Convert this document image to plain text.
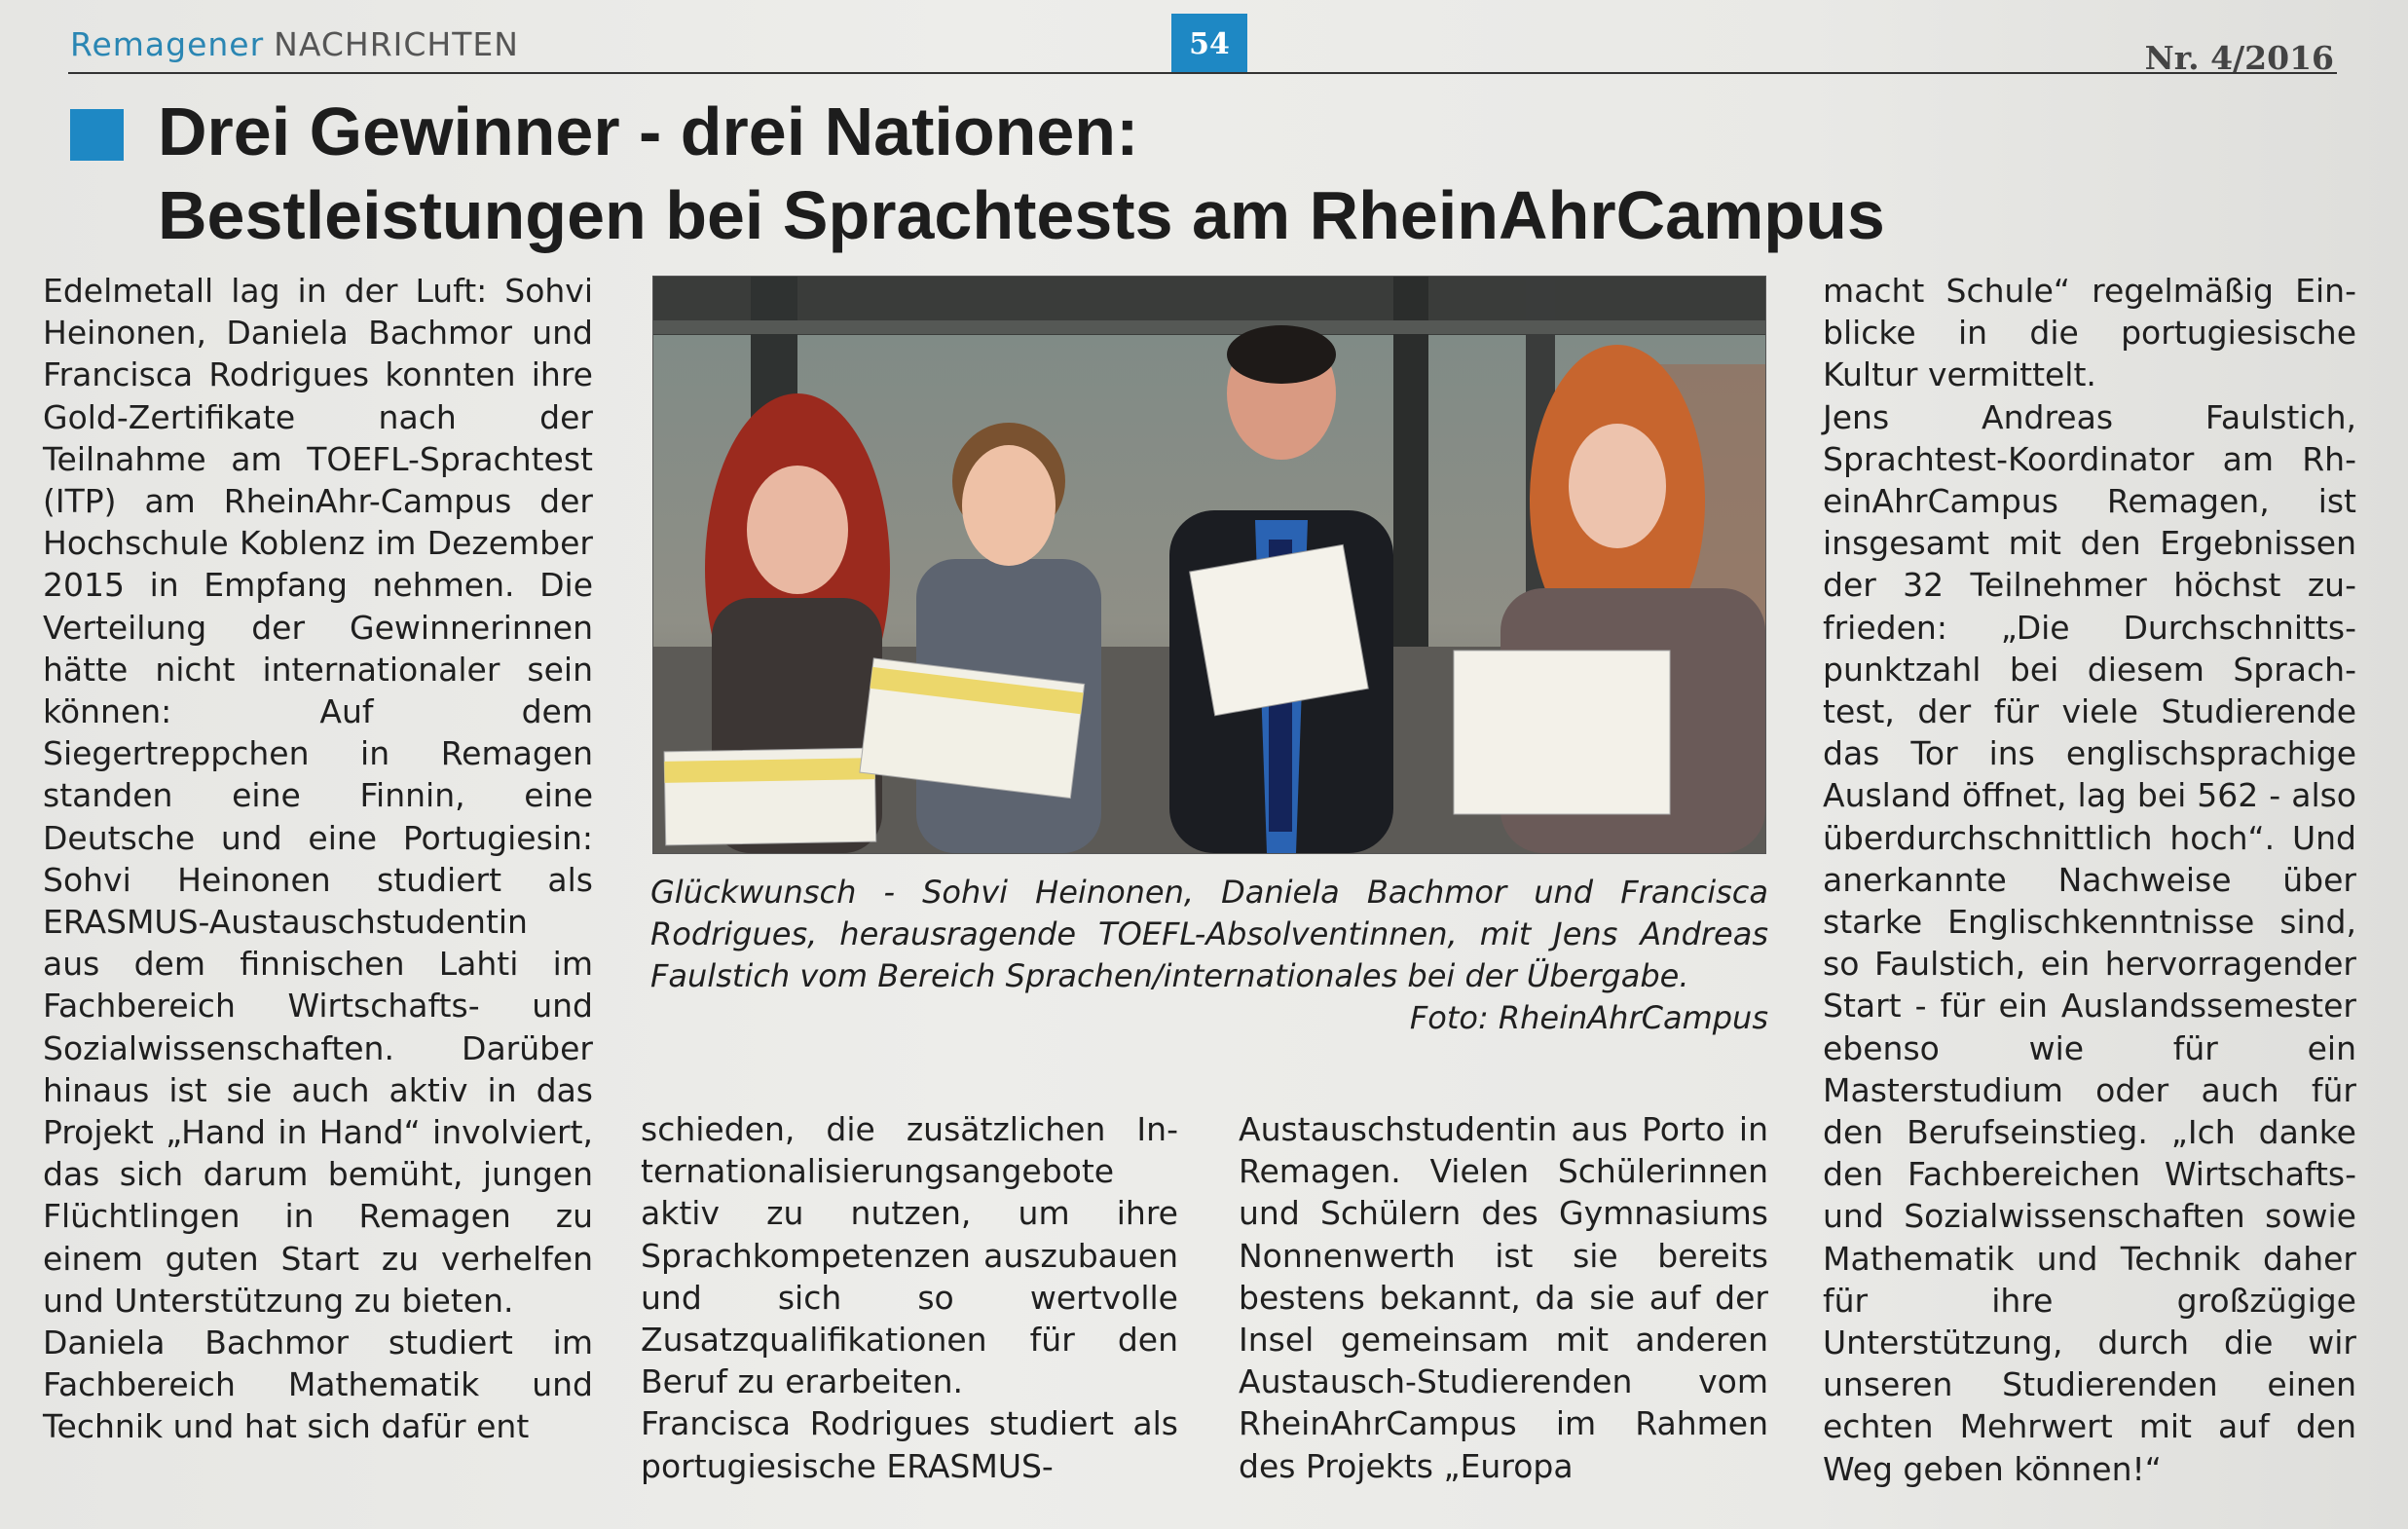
Remagener NACHRICHTEN	54	Nr. 4/2016
Drei Gewinner - drei Nationen:
Bestleistungen bei Sprachtests am RheinAhrCampus

Edelmetall lag in der Luft: Sohvi Heinonen, Daniela Bachmor und Francisca Rodrigues konnten ihre Gold-Zertifikate nach der Teilnahme am TOEFL-Sprachtest (ITP) am RheinAhr-Campus der Hochschule Koblenz im Dezember 2015 in Empfang nehmen. Die Verteilung der Gewinnerinnen hätte nicht internationaler sein können: Auf dem Siegertreppchen in Remagen standen eine Finnin, eine Deutsche und eine Portugiesin: Sohvi Heinonen studiert als ERASMUS-Austauschstudentin aus dem finnischen Lahti im Fachbereich Wirtschafts- und Sozialwissenschaften. Darüber hinaus ist sie auch aktiv in das Projekt „Hand in Hand“ involviert, das sich darum bemüht, jungen Flüchtlingen in Remagen zu einem guten Start zu verhelfen und Unterstützung zu bieten.

Daniela Bachmor studiert im Fachbereich Mathematik und Technik und hat sich dafür ent

Glückwunsch - Sohvi Heinonen, Daniela Bachmor und Francisca Rodrigues, herausragende TOEFL-Absolventinnen, mit Jens Andreas Faulstich vom Bereich Sprachen/internationales bei der Übergabe.
Foto: RheinAhrCampus

schieden, die zusätzlichen Internationalisierungsangebote aktiv zu nutzen, um ihre Sprachkompetenzen auszubauen und sich so wertvolle Zusatzqualifikationen für den Beruf zu erarbeiten.

Francisca Rodrigues studiert als portugiesische ERASMUS-

Austauschstudentin aus Porto in Remagen. Vielen Schülerinnen und Schülern des Gymnasiums Nonnenwerth ist sie bereits bestens bekannt, da sie auf der Insel gemeinsam mit anderen Austausch-Studierenden vom RheinAhrCampus im Rahmen des Projekts „Europa

macht Schule“ regelmäßig Einblicke in die portugiesische Kultur vermittelt.

Jens Andreas Faulstich, Sprachtest-Koordinator am RheinAhrCampus Remagen, ist insgesamt mit den Ergebnissen der 32 Teilnehmer höchst zufrieden: „Die Durchschnittspunktzahl bei diesem Sprachtest, der für viele Studierende das Tor ins englischsprachige Ausland öffnet, lag bei 562 - also überdurchschnittlich hoch“. Und anerkannte Nachweise über starke Englischkenntnisse sind, so Faulstich, ein hervorragender Start - für ein Auslandssemester ebenso wie für ein Masterstudium oder auch für den Berufseinstieg. „Ich danke den Fachbereichen Wirtschafts- und Sozialwissenschaften sowie Mathematik und Technik daher für ihre großzügige Unterstützung, durch die wir unseren Studierenden einen echten Mehrwert mit auf den Weg geben können!“
